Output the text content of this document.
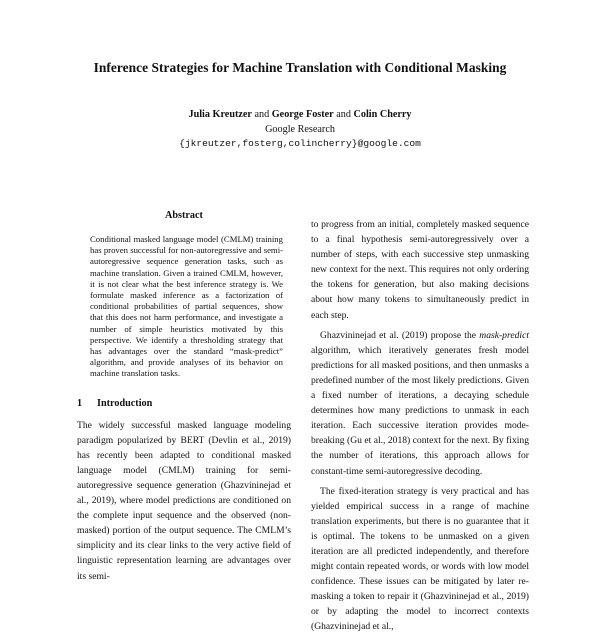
Inference Strategies for Machine Translation with Conditional Masking
Julia Kreutzer and George Foster and Colin Cherry
Google Research
{jkreutzer,fosterg,colincherry}@google.com
Abstract

Conditional masked language model (CMLM) training has proven successful for non-autoregressive and semi-autoregressive sequence generation tasks, such as machine translation. Given a trained CMLM, however, it is not clear what the best inference strategy is. We formulate masked inference as a factorization of conditional probabilities of partial sequences, show that this does not harm performance, and investigate a number of simple heuristics motivated by this perspective. We identify a thresholding strategy that has advantages over the standard “mask-predict” algorithm, and provide analyses of its behavior on machine translation tasks.

1 Introduction

The widely successful masked language modeling paradigm popularized by BERT (Devlin et al., 2019) has recently been adapted to conditional masked language model (CMLM) training for semi-autoregressive sequence generation (Ghazvininejad et al., 2019), where model predictions are conditioned on the complete input sequence and the observed (non-masked) portion of the output sequence. The CMLM’s simplicity and its clear links to the very active field of linguistic representation learning are advantages over its semi-

to progress from an initial, completely masked sequence to a final hypothesis semi-autoregressively over a number of steps, with each successive step unmasking new context for the next. This requires not only ordering the tokens for generation, but also making decisions about how many tokens to simultaneously predict in each step.

Ghazvininejad et al. (2019) propose the mask-predict algorithm, which iteratively generates fresh model predictions for all masked positions, and then unmasks a predefined number of the most likely predictions. Given a fixed number of iterations, a decaying schedule determines how many predictions to unmask in each iteration. Each successive iteration provides mode-breaking (Gu et al., 2018) context for the next. By fixing the number of iterations, this approach allows for constant-time semi-autoregressive decoding.

The fixed-iteration strategy is very practical and has yielded empirical success in a range of machine translation experiments, but there is no guarantee that it is optimal. The tokens to be unmasked on a given iteration are all predicted independently, and therefore might contain repeated words, or words with low model confidence. These issues can be mitigated by later re-masking a token to repair it (Ghazvininejad et al., 2019) or by adapting the model to incorrect contexts (Ghazvininejad et al.,
